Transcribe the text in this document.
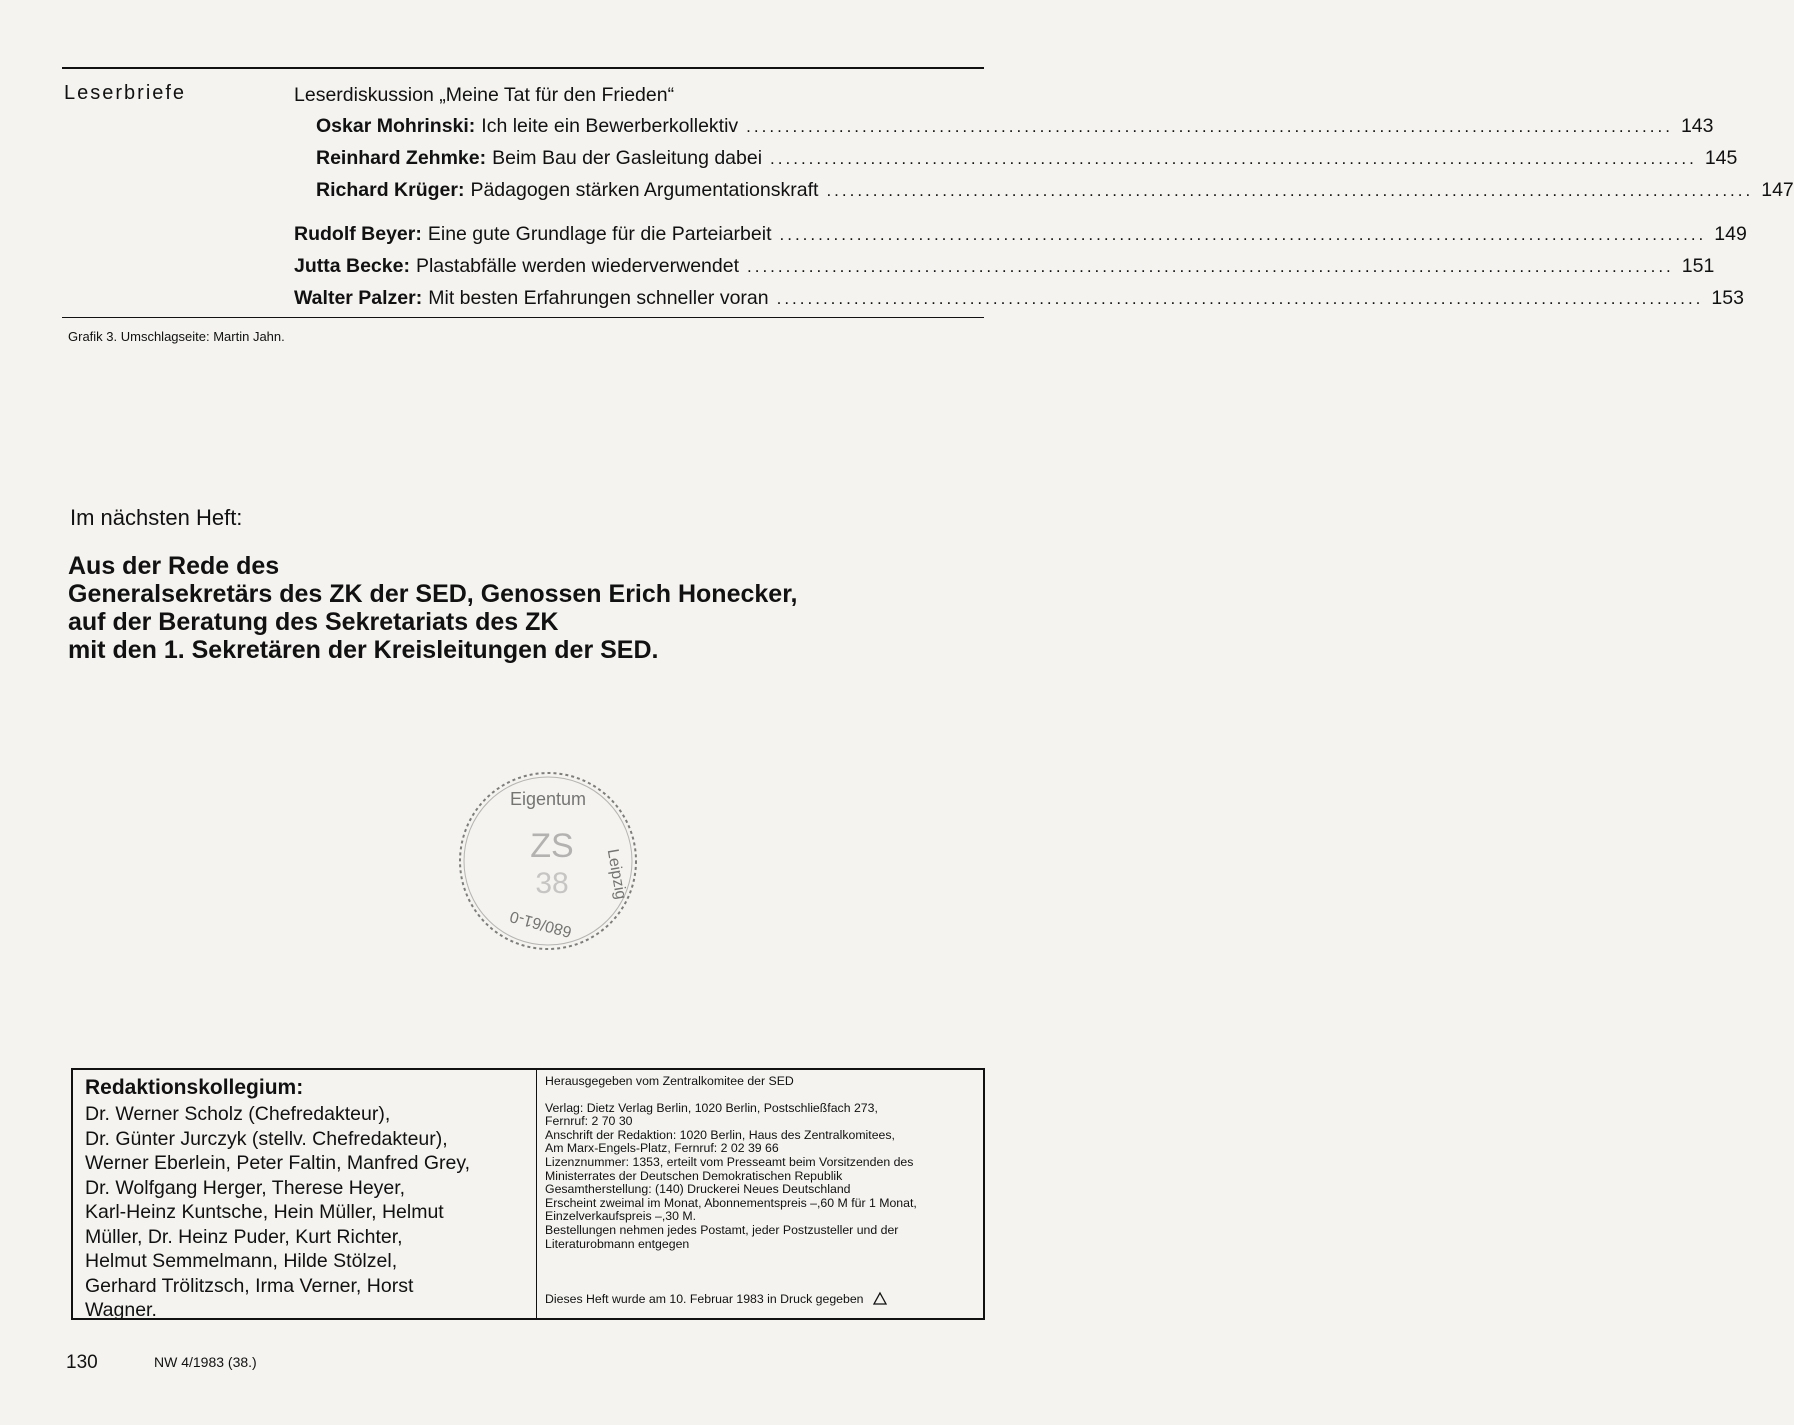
Leserbriefe	Leserdiskussion „Meine Tat für den Frieden“
Oskar Mohrinski: Ich leite ein Bewerberkollektiv ........................................................................................................................ 143
Reinhard Zehmke: Beim Bau der Gasleitung dabei ........................................................................................................................ 145
Richard Krüger: Pädagogen stärken Argumentationskraft ........................................................................................................................ 147
Rudolf Beyer: Eine gute Grundlage für die Parteiarbeit ........................................................................................................................ 149
Jutta Becke: Plastabfälle werden wiederverwendet ........................................................................................................................ 151
Walter Palzer: Mit besten Erfahrungen schneller voran ........................................................................................................................ 153
Grafik 3. Umschlagseite: Martin Jahn.
Im nächsten Heft:
Aus der Rede des
Generalsekretärs des ZK der SED, Genossen Erich Honecker,
auf der Beratung des Sekretariats des ZK
mit den 1. Sekretären der Kreisleitungen der SED.
Eigentum
ZS
38 Leipzig
680/61-0
Redaktionskollegium:
Dr. Werner Scholz (Chefredakteur),
Dr. Günter Jurczyk (stellv. Chefredakteur),
Werner Eberlein, Peter Faltin, Manfred Grey,
Dr. Wolfgang Herger, Therese Heyer,
Karl-Heinz Kuntsche, Hein Müller, Helmut
Müller, Dr. Heinz Puder, Kurt Richter,
Helmut Semmelmann, Hilde Stölzel,
Gerhard Trölitzsch, Irma Verner, Horst
Wagner.
Herausgegeben vom Zentralkomitee der SED
Verlag: Dietz Verlag Berlin, 1020 Berlin, Postschließfach 273,
Fernruf: 2 70 30
Anschrift der Redaktion: 1020 Berlin, Haus des Zentralkomitees,
Am Marx-Engels-Platz, Fernruf: 2 02 39 66
Lizenznummer: 1353, erteilt vom Presseamt beim Vorsitzenden des
Ministerrates der Deutschen Demokratischen Republik
Gesamtherstellung: (140) Druckerei Neues Deutschland
Erscheint zweimal im Monat, Abonnementspreis –,60 M für 1 Monat,
Einzelverkaufspreis –,30 M.
Bestellungen nehmen jedes Postamt, jeder Postzusteller und der
Literaturobmann entgegen
Dieses Heft wurde am 10. Februar 1983 in Druck gegeben
130	NW 4/1983 (38.)
